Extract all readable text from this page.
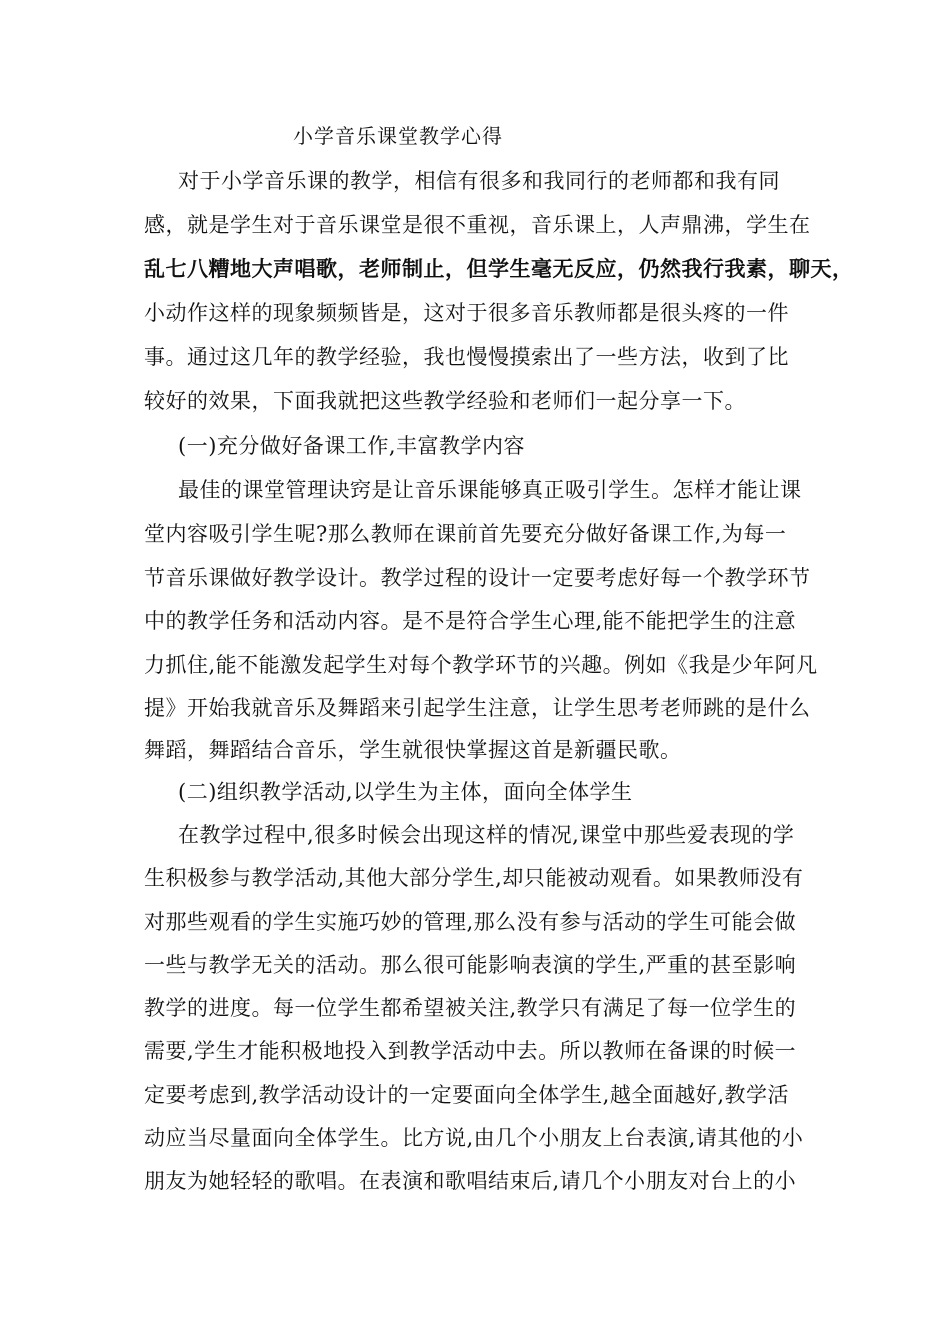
小学音乐课堂教学心得
对于小学音乐课的教学，相信有很多和我同行的老师都和我有同
感，就是学生对于音乐课堂是很不重视，音乐课上，人声鼎沸，学生在
乱七八糟地大声唱歌，老师制止，但学生毫无反应，仍然我行我素，聊天，
小动作这样的现象频频皆是，这对于很多音乐教师都是很头疼的一件
事。通过这几年的教学经验，我也慢慢摸索出了一些方法，收到了比
较好的效果，下面我就把这些教学经验和老师们一起分享一下。
(一)充分做好备课工作,丰富教学内容
最佳的课堂管理诀窍是让音乐课能够真正吸引学生。怎样才能让课
堂内容吸引学生呢?那么教师在课前首先要充分做好备课工作,为每一
节音乐课做好教学设计。教学过程的设计一定要考虑好每一个教学环节
中的教学任务和活动内容。是不是符合学生心理,能不能把学生的注意
力抓住,能不能激发起学生对每个教学环节的兴趣。例如《我是少年阿凡
提》开始我就音乐及舞蹈来引起学生注意，让学生思考老师跳的是什么
舞蹈，舞蹈结合音乐，学生就很快掌握这首是新疆民歌。
(二)组织教学活动,以学生为主体，面向全体学生
在教学过程中,很多时候会出现这样的情况,课堂中那些爱表现的学
生积极参与教学活动,其他大部分学生,却只能被动观看。如果教师没有
对那些观看的学生实施巧妙的管理,那么没有参与活动的学生可能会做
一些与教学无关的活动。那么很可能影响表演的学生,严重的甚至影响
教学的进度。每一位学生都希望被关注,教学只有满足了每一位学生的
需要,学生才能积极地投入到教学活动中去。所以教师在备课的时候一
定要考虑到,教学活动设计的一定要面向全体学生,越全面越好,教学活
动应当尽量面向全体学生。比方说,由几个小朋友上台表演,请其他的小
朋友为她轻轻的歌唱。在表演和歌唱结束后,请几个小朋友对台上的小
